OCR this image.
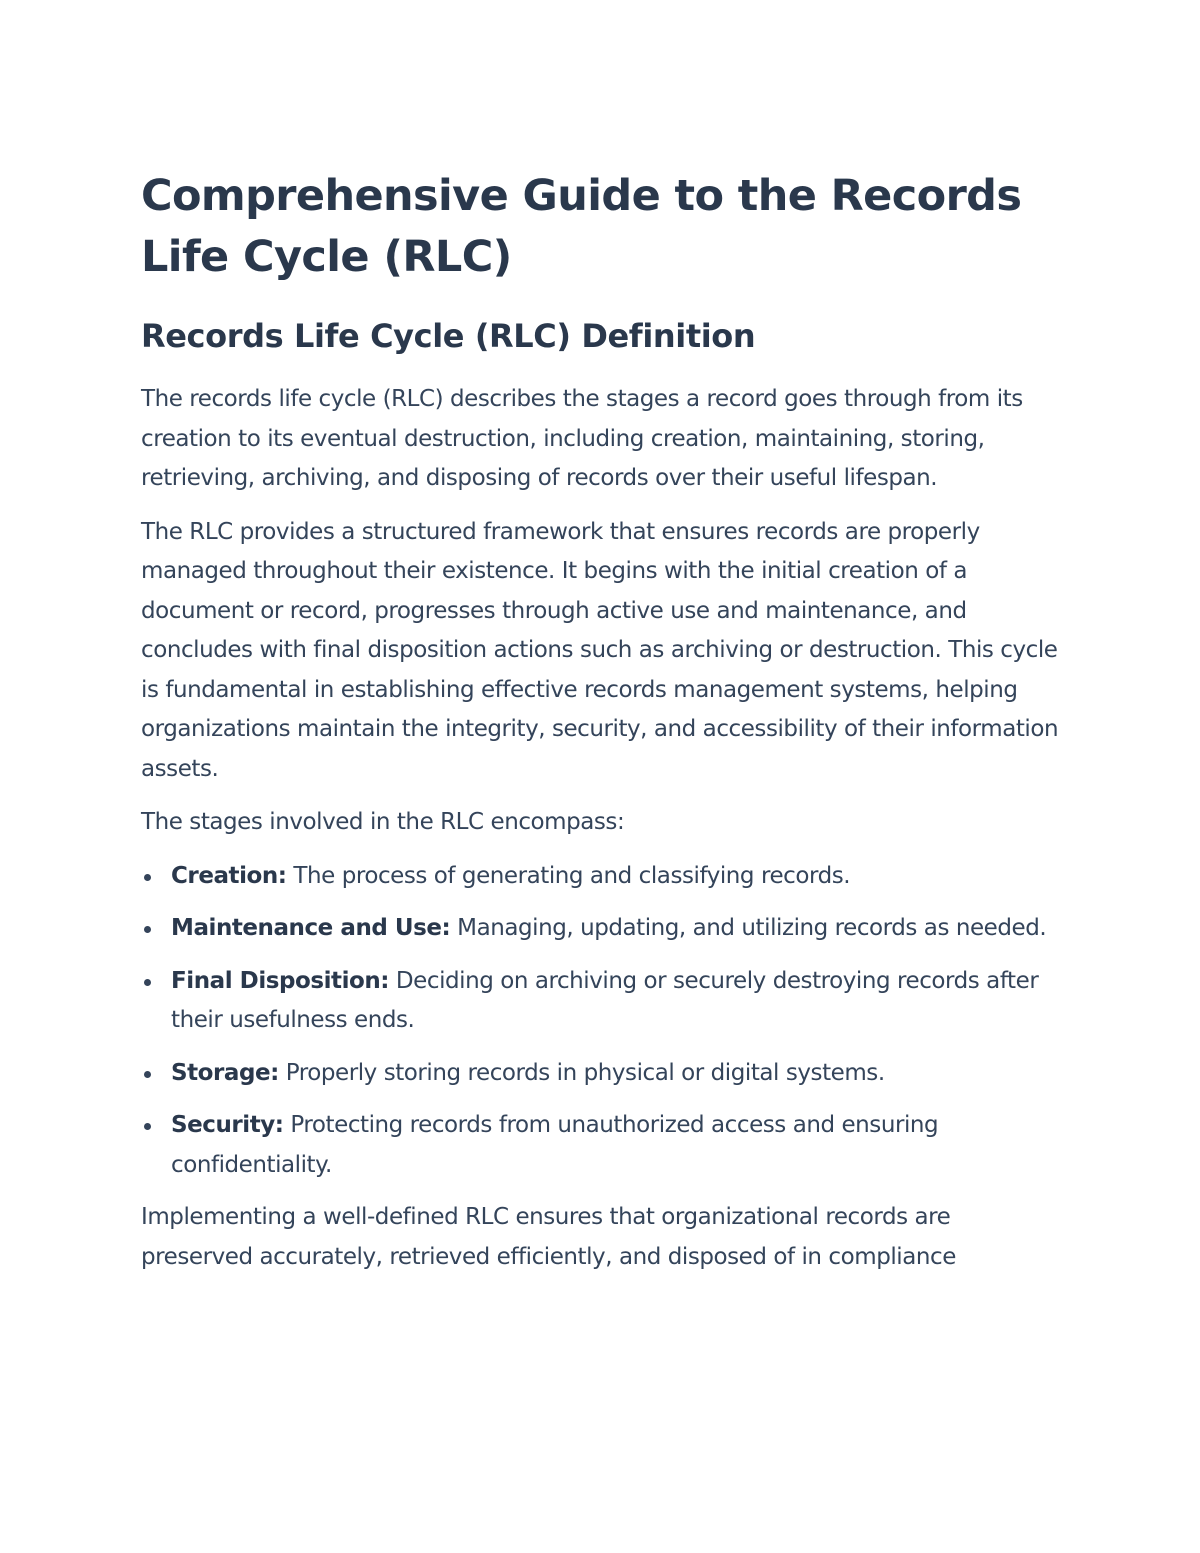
Comprehensive Guide to the Records Life Cycle (RLC)
Records Life Cycle (RLC) Definition

The records life cycle (RLC) describes the stages a record goes through from its creation to its eventual destruction, including creation, maintaining, storing, retrieving, archiving, and disposing of records over their useful lifespan.

The RLC provides a structured framework that ensures records are properly managed throughout their existence. It begins with the initial creation of a document or record, progresses through active use and maintenance, and concludes with final disposition actions such as archiving or destruction. This cycle is fundamental in establishing effective records management systems, helping organizations maintain the integrity, security, and accessibility of their information assets.

The stages involved in the RLC encompass:

Creation: The process of generating and classifying records.
Maintenance and Use: Managing, updating, and utilizing records as needed.
Final Disposition: Deciding on archiving or securely destroying records after their usefulness ends.
Storage: Properly storing records in physical or digital systems.
Security: Protecting records from unauthorized access and ensuring confidentiality.

Implementing a well-defined RLC ensures that organizational records are preserved accurately, retrieved efficiently, and disposed of in compliance
